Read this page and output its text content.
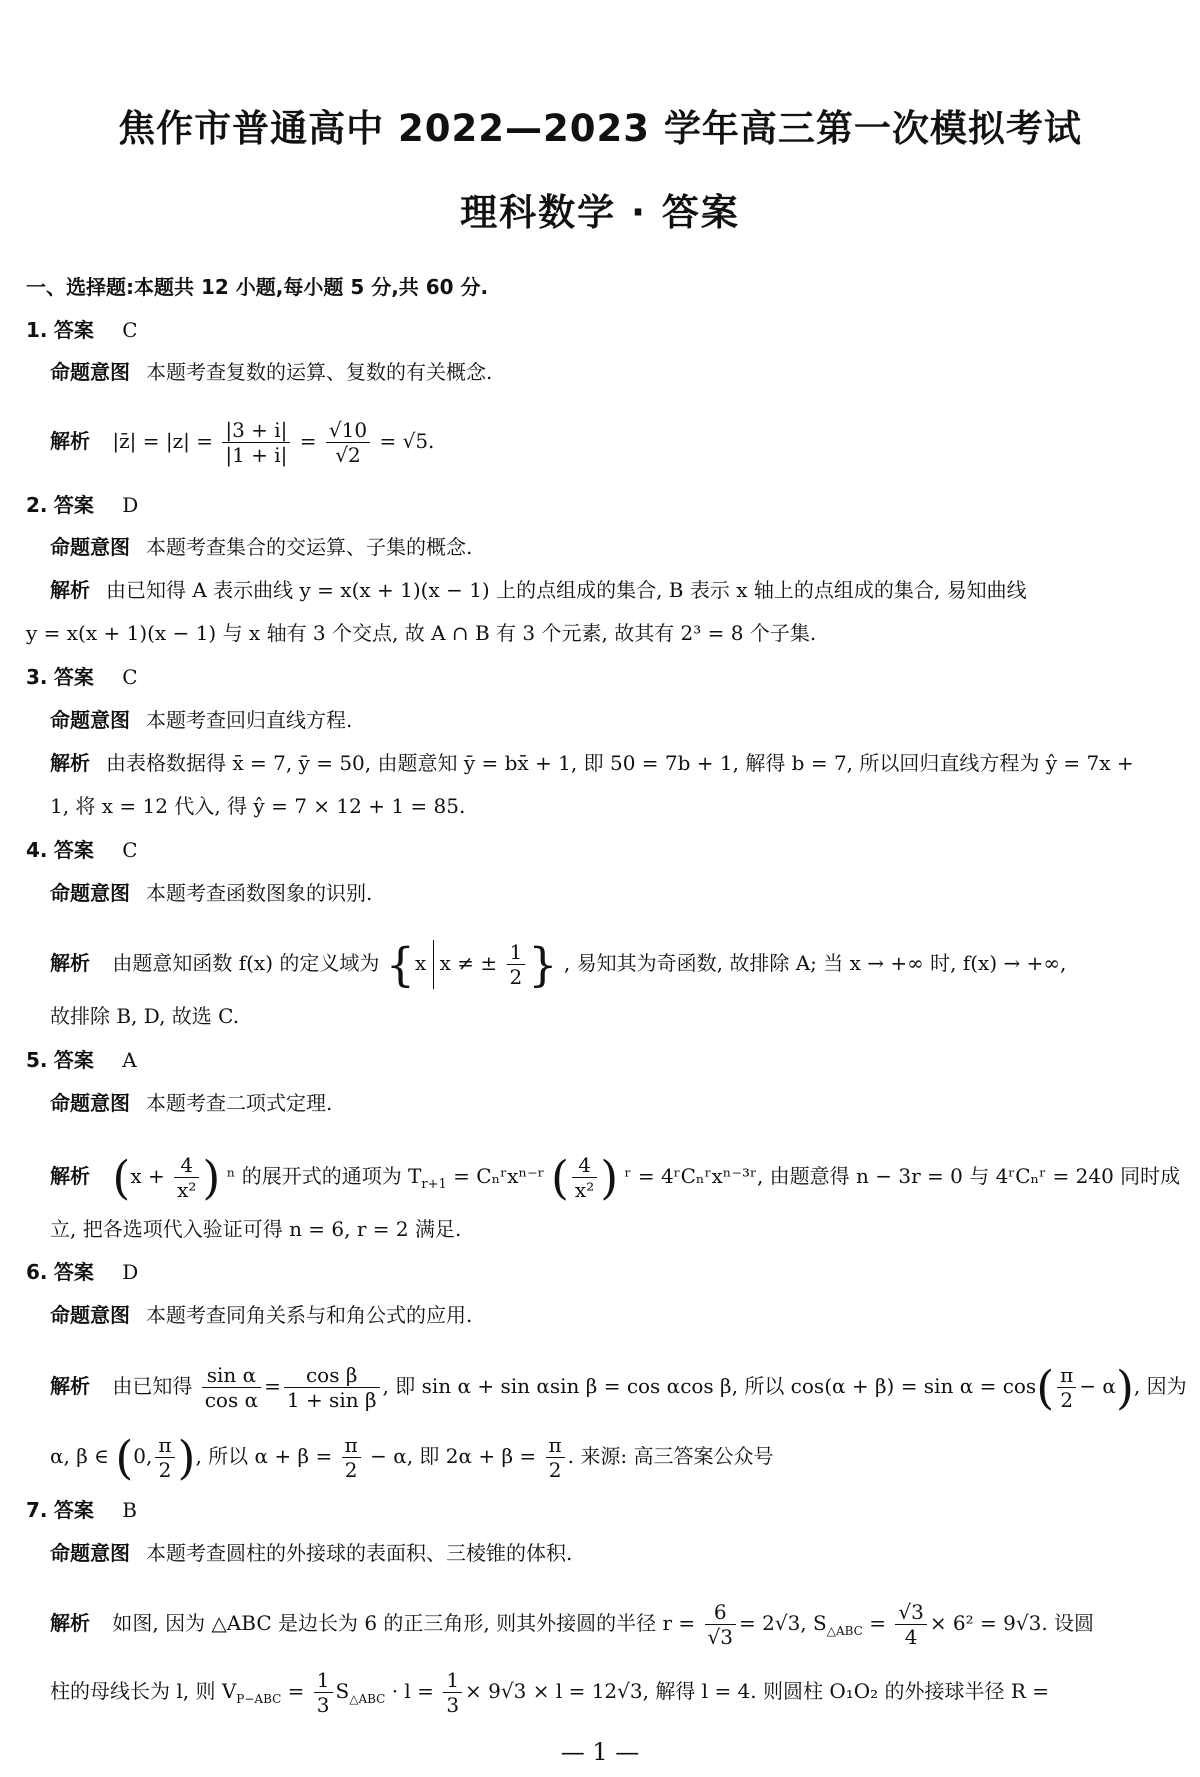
焦作市普通高中 2022—2023 学年高三第一次模拟考试
理科数学 · 答案
一、选择题:本题共 12 小题,每小题 5 分,共 60 分.
1. 答案 C
命题意图 本题考查复数的运算、复数的有关概念.
解析 |z̄| = $|z| = \frac{|3 + i|}{|1 + i|} = \frac{√10}{√2} = √5$.
2. 答案 D
命题意图 本题考查集合的交运算、子集的概念.
解析 由已知得 A 表示曲线 y = x(x + 1)(x − 1) 上的点组成的集合, B 表示 x 轴上的点组成的集合, 易知曲线
y = x(x + 1)(x − 1) 与 x 轴有 3 个交点, 故 A ∩ B 有 3 个元素, 故其有 2³ = 8 个子集.
3. 答案 C
命题意图 本题考查回归直线方程.
解析 由表格数据得 x̄ = 7, ȳ = 50, 由题意知 ȳ = bx̄ + 1, 即 50 = 7b + 1, 解得 b = 7, 所以回归直线方程为 ŷ = 7x +
1, 将 x = 12 代入, 得 ŷ = 7 × 12 + 1 = 85.
4. 答案 C
命题意图 本题考查函数图象的识别.
解析 由题意知函数 f(x) 的定义域为 {x x ≠ ± $\frac{1}{2}$ } , 易知其为奇函数, 故排除 A; 当 x → +∞ 时, f(x) → +∞,
故排除 B, D, 故选 C.
5. 答案 A
命题意图 本题考查二项式定理.
解析 ($x + \frac{4}{\text{x²}}$ ) ⁿ 的展开式的通项为 $T_{r+1}$ = Cₙʳxⁿ⁻ʳ ( $\frac{4}{\text{x²}}$ ) ʳ = 4ʳCₙʳxⁿ⁻³ʳ, 由题意得 n − 3r = 0 与 4ʳCₙʳ = 240 同时成
立, 把各选项代入验证可得 n = 6, r = 2 满足.
6. 答案 D
命题意图 本题考查同角关系与和角公式的应用.
解析 由已知得 $\frac{\text{sin α}}{\text{cos α}} = \frac{\text{cos β}}{\text{1 + sin β}}$ , 即 sin α + sin αsin β = cos αcos β, 所以 $\cos(\alpha + \beta) = \sin \alpha = \cos( \frac{\pi}{2} - \alpha)$, 因为
α, β ∈ (0, $\frac{\pi}{2}$ ), 所以 $\alpha + \beta = \frac{\pi}{2} - \alpha$, 即 $2\alpha + \beta = \frac{\pi}{2}$ . 来源: 高三答案公众号
7. 答案 B
命题意图 本题考查圆柱的外接球的表面积、三棱锥的体积.
解析 如图, 因为 △ABC 是边长为 6 的正三角形, 则其外接圆的半径 $r = \frac{6}{√3} = 2√3$, $S_{\triangle ABC} = \frac{√3}{4} \times 6^2 = 9√3$. 设圆
柱的母线长为 l, 则 $V_{P-ABC} = \frac{1}{3} S_{\triangle ABC} \cdot l = \frac{1}{3} \times 9√3 \times l = 12√3$, 解得 l = 4. 则圆柱 O₁O₂ 的外接球半径 R =
— 1 —
